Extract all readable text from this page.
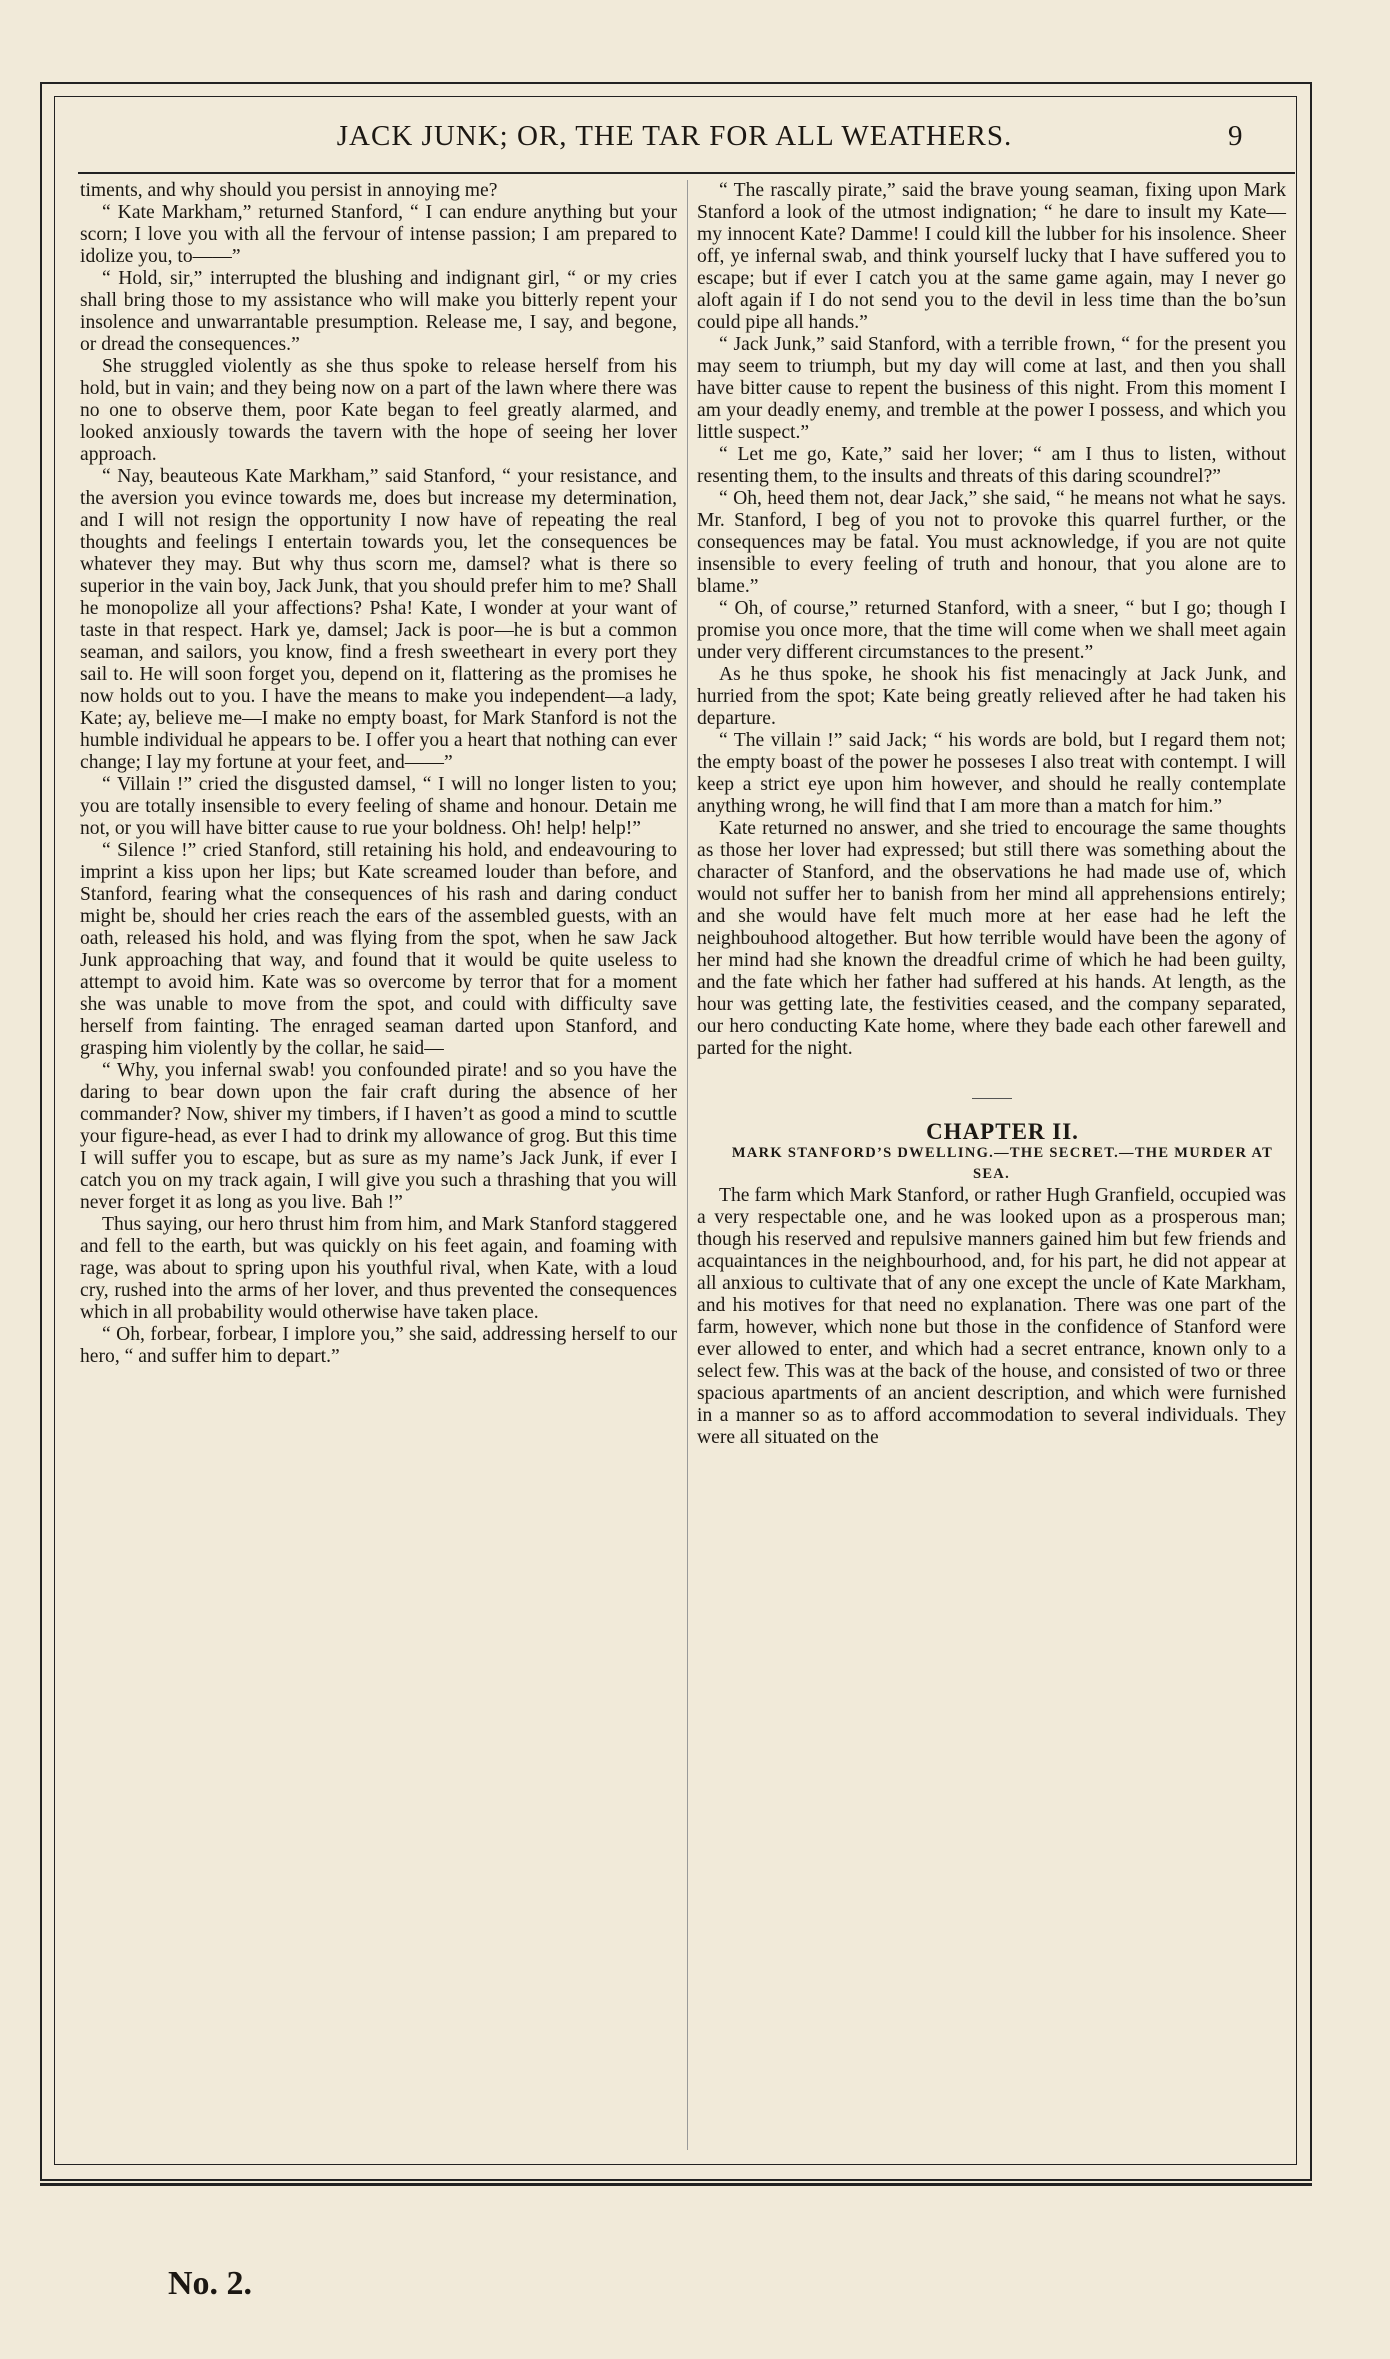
JACK JUNK; OR, THE TAR FOR ALL WEATHERS.	9

timents, and why should you persist in annoying me?

“ Kate Markham,” returned Stanford, “ I can endure anything but your scorn; I love you with all the fervour of intense passion; I am prepared to idolize you, to——”

“ Hold, sir,” interrupted the blushing and indignant girl, “ or my cries shall bring those to my assistance who will make you bitterly repent your insolence and unwarrantable presumption. Release me, I say, and begone, or dread the consequences.”

She struggled violently as she thus spoke to release herself from his hold, but in vain; and they being now on a part of the lawn where there was no one to observe them, poor Kate began to feel greatly alarmed, and looked anxiously towards the tavern with the hope of seeing her lover approach.

“ Nay, beauteous Kate Markham,” said Stanford, “ your resistance, and the aversion you evince towards me, does but increase my determination, and I will not resign the opportunity I now have of repeating the real thoughts and feelings I entertain towards you, let the consequences be whatever they may. But why thus scorn me, damsel? what is there so superior in the vain boy, Jack Junk, that you should prefer him to me? Shall he monopolize all your affections? Psha! Kate, I wonder at your want of taste in that respect. Hark ye, damsel; Jack is poor—he is but a common seaman, and sailors, you know, find a fresh sweetheart in every port they sail to. He will soon forget you, depend on it, flattering as the promises he now holds out to you. I have the means to make you independent—a lady, Kate; ay, believe me—I make no empty boast, for Mark Stanford is not the humble individual he appears to be. I offer you a heart that nothing can ever change; I lay my fortune at your feet, and——”

“ Villain !” cried the disgusted damsel, “ I will no longer listen to you; you are totally insensible to every feeling of shame and honour. Detain me not, or you will have bitter cause to rue your boldness. Oh! help! help!”

“ Silence !” cried Stanford, still retaining his hold, and endeavouring to imprint a kiss upon her lips; but Kate screamed louder than before, and Stanford, fearing what the consequences of his rash and daring conduct might be, should her cries reach the ears of the assembled guests, with an oath, released his hold, and was flying from the spot, when he saw Jack Junk approaching that way, and found that it would be quite useless to attempt to avoid him. Kate was so overcome by terror that for a moment she was unable to move from the spot, and could with difficulty save herself from fainting. The enraged seaman darted upon Stanford, and grasping him violently by the collar, he said—

“ Why, you infernal swab! you confounded pirate! and so you have the daring to bear down upon the fair craft during the absence of her commander? Now, shiver my timbers, if I haven’t as good a mind to scuttle your figure-head, as ever I had to drink my allowance of grog. But this time I will suffer you to escape, but as sure as my name’s Jack Junk, if ever I catch you on my track again, I will give you such a thrashing that you will never forget it as long as you live. Bah !”

Thus saying, our hero thrust him from him, and Mark Stanford staggered and fell to the earth, but was quickly on his feet again, and foaming with rage, was about to spring upon his youthful rival, when Kate, with a loud cry, rushed into the arms of her lover, and thus prevented the consequences which in all probability would otherwise have taken place.

“ Oh, forbear, forbear, I implore you,” she said, addressing herself to our hero, “ and suffer him to depart.”

“ The rascally pirate,” said the brave young seaman, fixing upon Mark Stanford a look of the utmost indignation; “ he dare to insult my Kate—my innocent Kate? Damme! I could kill the lubber for his insolence. Sheer off, ye infernal swab, and think yourself lucky that I have suffered you to escape; but if ever I catch you at the same game again, may I never go aloft again if I do not send you to the devil in less time than the bo’sun could pipe all hands.”

“ Jack Junk,” said Stanford, with a terrible frown, “ for the present you may seem to triumph, but my day will come at last, and then you shall have bitter cause to repent the business of this night. From this moment I am your deadly enemy, and tremble at the power I possess, and which you little suspect.”

“ Let me go, Kate,” said her lover; “ am I thus to listen, without resenting them, to the insults and threats of this daring scoundrel?”

“ Oh, heed them not, dear Jack,” she said, “ he means not what he says. Mr. Stanford, I beg of you not to provoke this quarrel further, or the consequences may be fatal. You must acknowledge, if you are not quite insensible to every feeling of truth and honour, that you alone are to blame.”

“ Oh, of course,” returned Stanford, with a sneer, “ but I go; though I promise you once more, that the time will come when we shall meet again under very different circumstances to the present.”

As he thus spoke, he shook his fist menacingly at Jack Junk, and hurried from the spot; Kate being greatly relieved after he had taken his departure.

“ The villain !” said Jack; “ his words are bold, but I regard them not; the empty boast of the power he posseses I also treat with contempt. I will keep a strict eye upon him however, and should he really contemplate anything wrong, he will find that I am more than a match for him.”

Kate returned no answer, and she tried to encourage the same thoughts as those her lover had expressed; but still there was something about the character of Stanford, and the observations he had made use of, which would not suffer her to banish from her mind all apprehensions entirely; and she would have felt much more at her ease had he left the neighbouhood altogether. But how terrible would have been the agony of her mind had she known the dreadful crime of which he had been guilty, and the fate which her father had suffered at his hands. At length, as the hour was getting late, the festivities ceased, and the company separated, our hero conducting Kate home, where they bade each other farewell and parted for the night.

CHAPTER II.

MARK STANFORD’S DWELLING.—THE SECRET.—THE MURDER AT SEA.

The farm which Mark Stanford, or rather Hugh Granfield, occupied was a very respectable one, and he was looked upon as a prosperous man; though his reserved and repulsive manners gained him but few friends and acquaintances in the neighbourhood, and, for his part, he did not appear at all anxious to cultivate that of any one except the uncle of Kate Markham, and his motives for that need no explanation. There was one part of the farm, however, which none but those in the confidence of Stanford were ever allowed to enter, and which had a secret entrance, known only to a select few. This was at the back of the house, and consisted of two or three spacious apartments of an ancient description, and which were furnished in a manner so as to afford accommodation to several individuals. They were all situated on the

No. 2.
